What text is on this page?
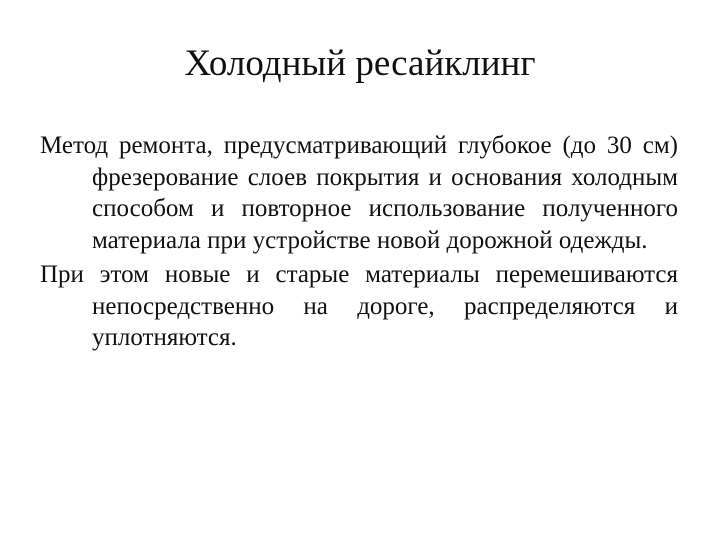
Холодный ресайклинг

Метод ремонта, предусматривающий глубокое (до 30 см) фрезерование слоев покрытия и основания холодным способом и повторное использование полученного материала при устройстве новой дорожной одежды.

При этом новые и старые материалы перемешиваются непосредственно на дороге, распределяются и уплотняются.
